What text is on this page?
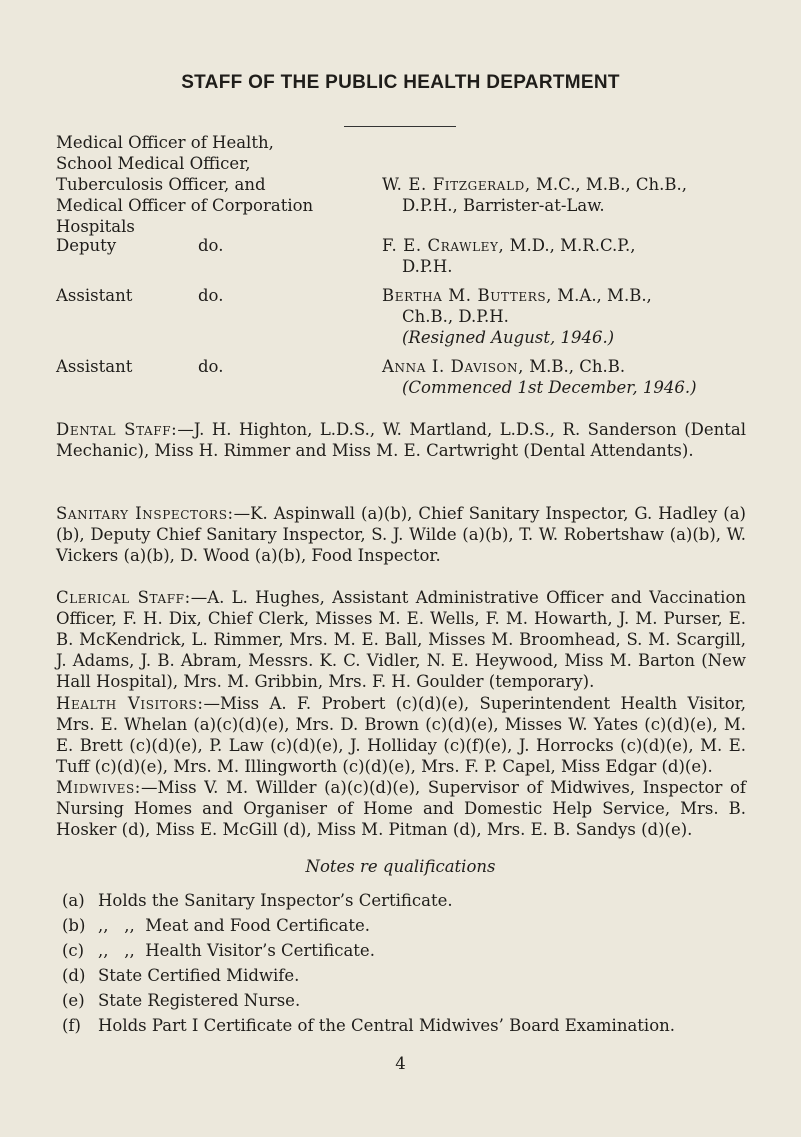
STAFF OF THE PUBLIC HEALTH DEPARTMENT
Medical Officer of Health,
School Medical Officer,
Tuberculosis Officer, and
Medical Officer of Corporation
Hospitals
W. E. Fitzgerald, M.C., M.B., Ch.B.,
D.P.H., Barrister-at-Law.
Deputy	do.	F. E. Crawley, M.D., M.R.C.P.,
D.P.H.
Assistant	do.	Bertha M. Butters, M.A., M.B.,
Ch.B., D.P.H.
(Resigned August, 1946.)
Assistant	do.	Anna I. Davison, M.B., Ch.B.
(Commenced 1st December, 1946.)
Dental Staff:—J. H. Highton, L.D.S., W. Martland, L.D.S., R. Sanderson (Dental Mechanic), Miss H. Rimmer and Miss M. E. Cartwright (Dental Attendants).
Sanitary Inspectors:—K. Aspinwall (a)(b), Chief Sanitary Inspector, G. Hadley (a)(b), Deputy Chief Sanitary Inspector, S. J. Wilde (a)(b), T. W. Robertshaw (a)(b), W. Vickers (a)(b), D. Wood (a)(b), Food Inspector.
Clerical Staff:—A. L. Hughes, Assistant Administrative Officer and Vaccination Officer, F. H. Dix, Chief Clerk, Misses M. E. Wells, F. M. Howarth, J. M. Purser, E. B. McKendrick, L. Rimmer, Mrs. M. E. Ball, Misses M. Broomhead, S. M. Scargill, J. Adams, J. B. Abram, Messrs. K. C. Vidler, N. E. Heywood, Miss M. Barton (New Hall Hospital), Mrs. M. Gribbin, Mrs. F. H. Goulder (temporary).
Health Visitors:—Miss A. F. Probert (c)(d)(e), Superintendent Health Visitor, Mrs. E. Whelan (a)(c)(d)(e), Mrs. D. Brown (c)(d)(e), Misses W. Yates (c)(d)(e), M. E. Brett (c)(d)(e), P. Law (c)(d)(e), J. Holliday (c)(f)(e), J. Horrocks (c)(d)(e), M. E. Tuff (c)(d)(e), Mrs. M. Illingworth (c)(d)(e), Mrs. F. P. Capel, Miss Edgar (d)(e).
Midwives:—Miss V. M. Willder (a)(c)(d)(e), Supervisor of Midwives, Inspector of Nursing Homes and Organiser of Home and Domestic Help Service, Mrs. B. Hosker (d), Miss E. McGill (d), Miss M. Pitman (d), Mrs. E. B. Sandys (d)(e).
Notes re qualifications
(a) Holds the Sanitary Inspector’s Certificate.
(b) ,,   ,,  Meat and Food Certificate.
(c) ,,   ,,  Health Visitor’s Certificate.
(d) State Certified Midwife.
(e) State Registered Nurse.
(f) Holds Part I Certificate of the Central Midwives’ Board Examination.
4
